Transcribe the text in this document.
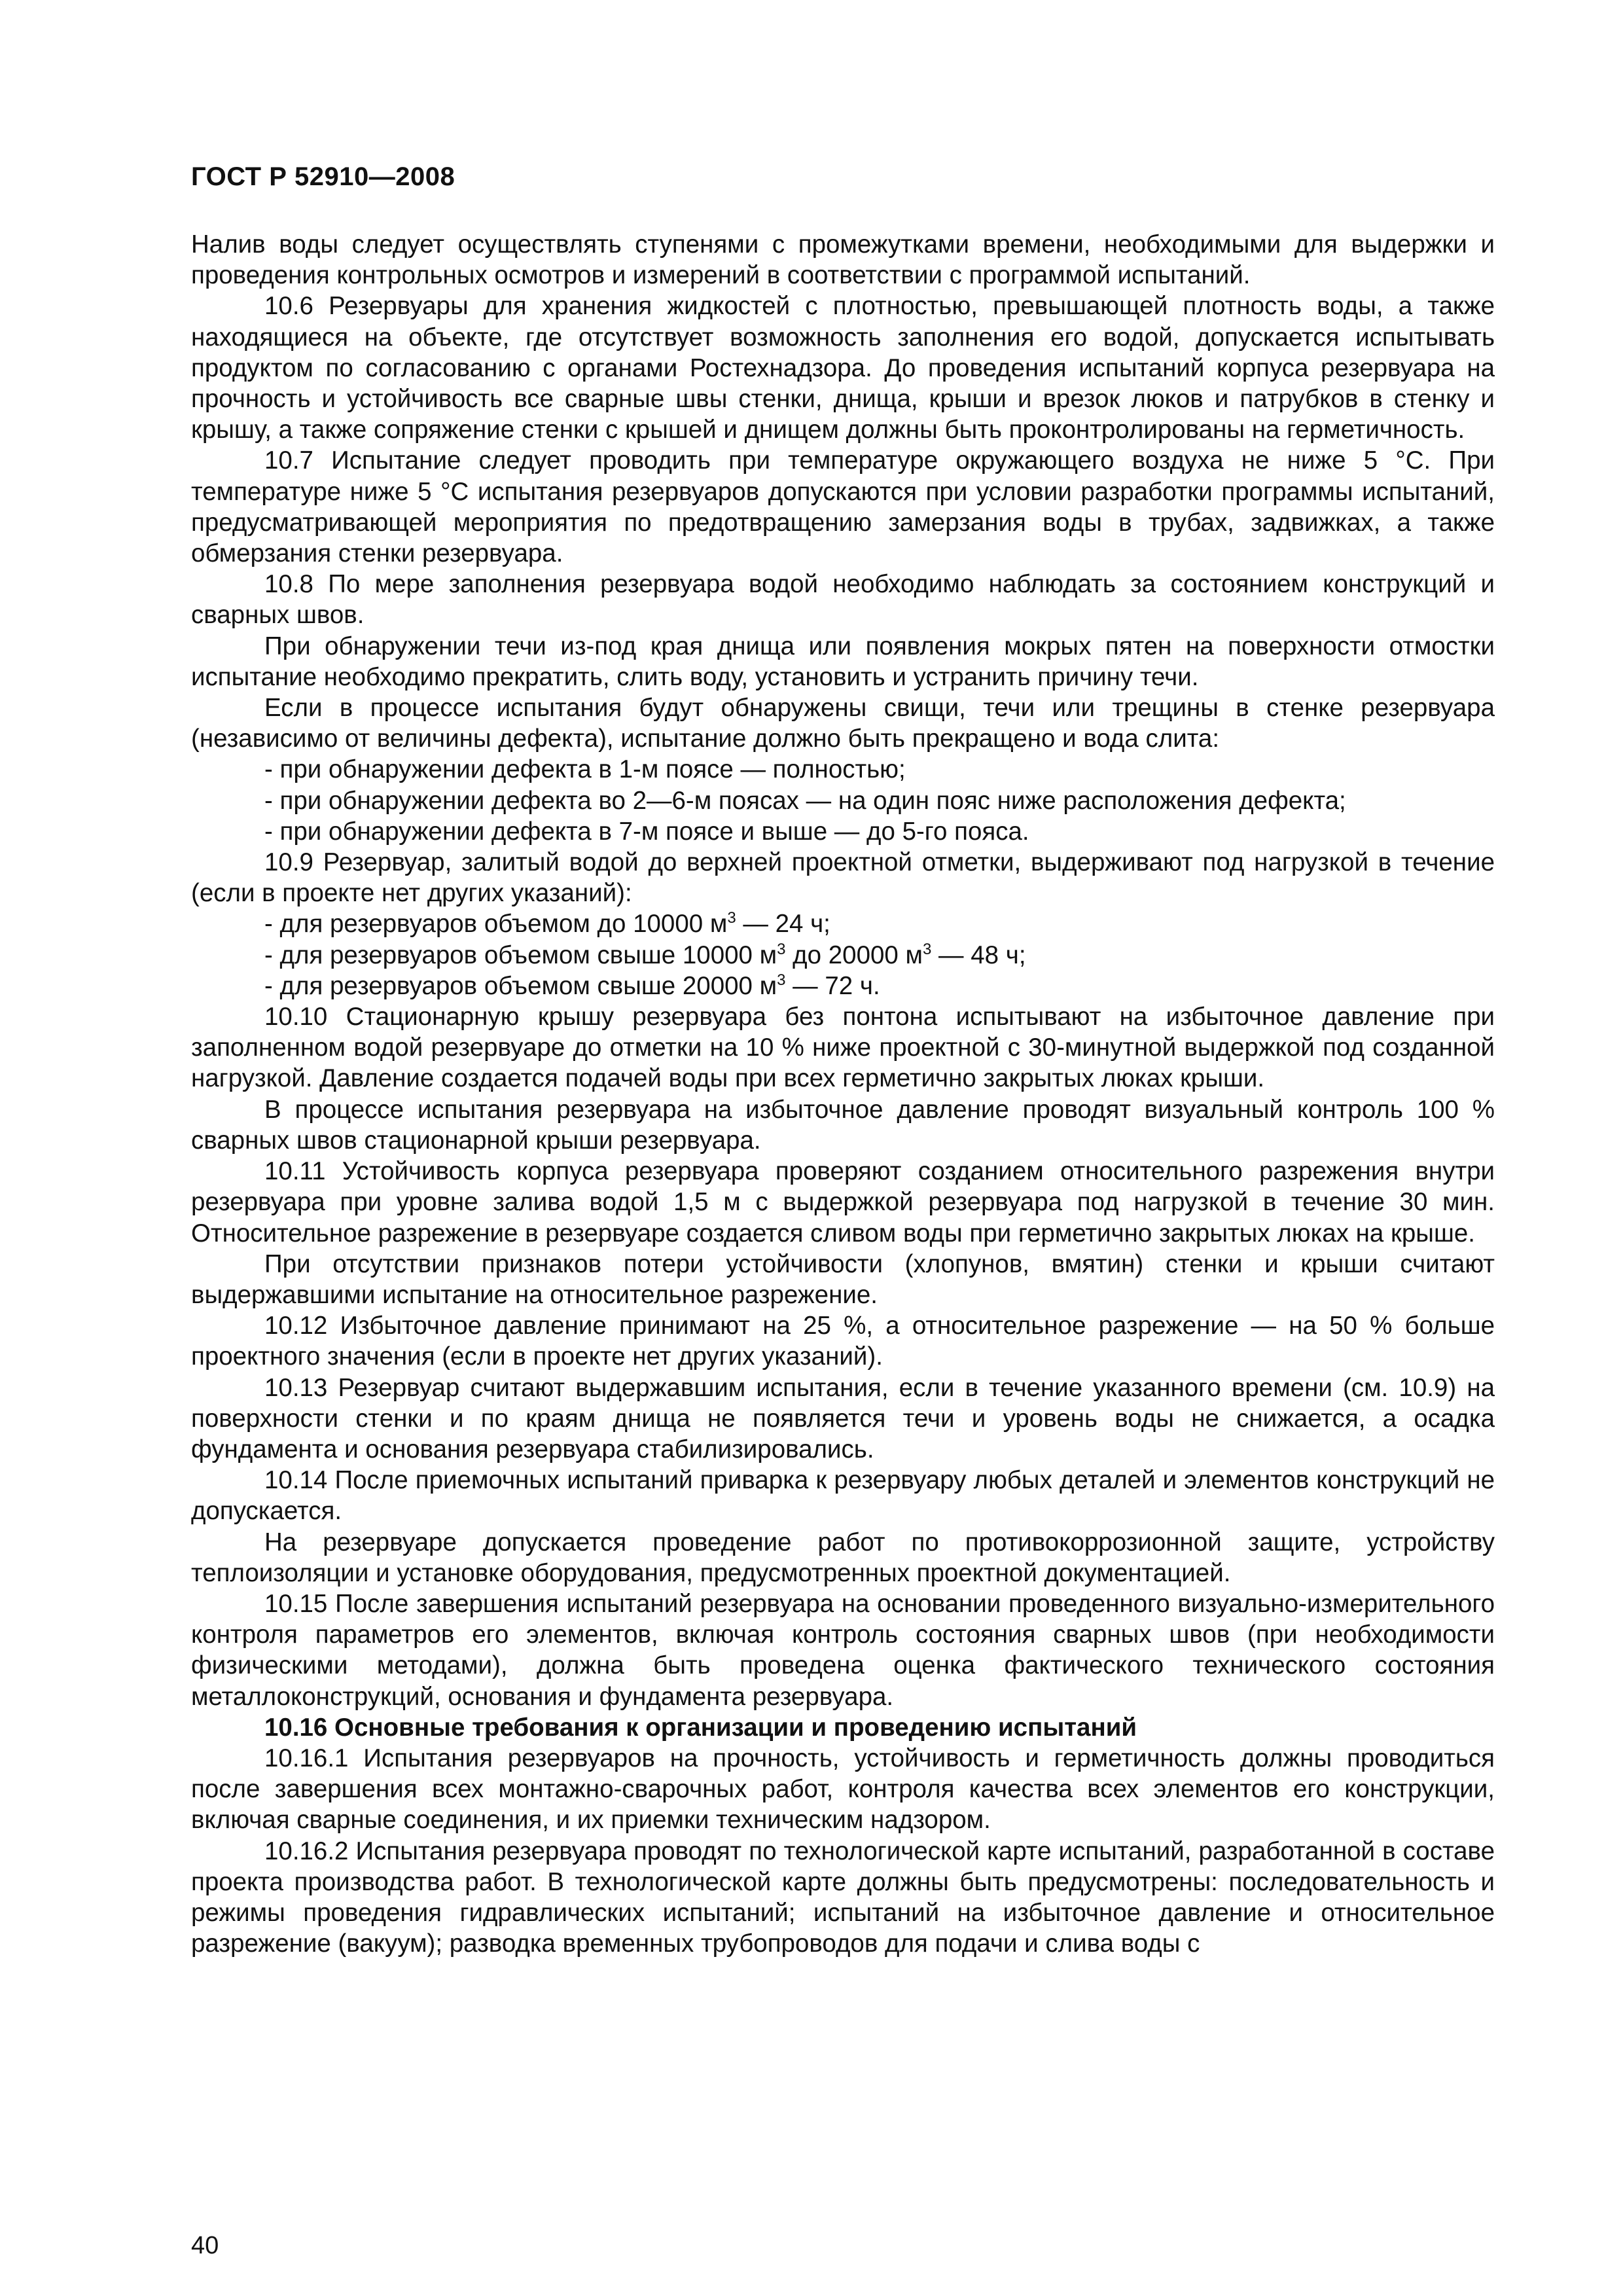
ГОСТ Р 52910—2008

Налив воды следует осуществлять ступенями с промежутками времени, необходимыми для выдержки и проведения контрольных осмотров и измерений в соответствии с программой испытаний.

10.6 Резервуары для хранения жидкостей с плотностью, превышающей плотность воды, а также находящиеся на объекте, где отсутствует возможность заполнения его водой, допускается испытывать продуктом по согласованию с органами Ростехнадзора. До проведения испытаний корпуса резервуара на прочность и устойчивость все сварные швы стенки, днища, крыши и врезок люков и патрубков в стенку и крышу, а также сопряжение стенки с крышей и днищем должны быть проконтролированы на герметичность.

10.7 Испытание следует проводить при температуре окружающего воздуха не ниже 5 °С. При температуре ниже 5 °С испытания резервуаров допускаются при условии разработки программы испытаний, предусматривающей мероприятия по предотвращению замерзания воды в трубах, задвижках, а также обмерзания стенки резервуара.

10.8 По мере заполнения резервуара водой необходимо наблюдать за состоянием конструкций и сварных швов.

При обнаружении течи из-под края днища или появления мокрых пятен на поверхности отмостки испытание необходимо прекратить, слить воду, установить и устранить причину течи.

Если в процессе испытания будут обнаружены свищи, течи или трещины в стенке резервуара (независимо от величины дефекта), испытание должно быть прекращено и вода слита:

- при обнаружении дефекта в 1-м поясе — полностью;

- при обнаружении дефекта во 2—6-м поясах — на один пояс ниже расположения дефекта;

- при обнаружении дефекта в 7-м поясе и выше — до 5-го пояса.

10.9 Резервуар, залитый водой до верхней проектной отметки, выдерживают под нагрузкой в течение (если в проекте нет других указаний):

- для резервуаров объемом до 10000 $м^3$ — 24 ч;

- для резервуаров объемом свыше 10000 $м^3$ до 20000 $м^3$ — 48 ч;

- для резервуаров объемом свыше 20000 $м^3$ — 72 ч.

10.10 Стационарную крышу резервуара без понтона испытывают на избыточное давление при заполненном водой резервуаре до отметки на 10 % ниже проектной с 30-минутной выдержкой под созданной нагрузкой. Давление создается подачей воды при всех герметично закрытых люках крыши.

В процессе испытания резервуара на избыточное давление проводят визуальный контроль 100 % сварных швов стационарной крыши резервуара.

10.11 Устойчивость корпуса резервуара проверяют созданием относительного разрежения внутри резервуара при уровне залива водой 1,5 м с выдержкой резервуара под нагрузкой в течение 30 мин. Относительное разрежение в резервуаре создается сливом воды при герметично закрытых люках на крыше.

При отсутствии признаков потери устойчивости (хлопунов, вмятин) стенки и крыши считают выдержавшими испытание на относительное разрежение.

10.12 Избыточное давление принимают на 25 %, а относительное разрежение — на 50 % больше проектного значения (если в проекте нет других указаний).

10.13 Резервуар считают выдержавшим испытания, если в течение указанного времени (см. 10.9) на поверхности стенки и по краям днища не появляется течи и уровень воды не снижается, а осадка фундамента и основания резервуара стабилизировались.

10.14 После приемочных испытаний приварка к резервуару любых деталей и элементов конструкций не допускается.

На резервуаре допускается проведение работ по противокоррозионной защите, устройству теплоизоляции и установке оборудования, предусмотренных проектной документацией.

10.15 После завершения испытаний резервуара на основании проведенного визуально-измерительного контроля параметров его элементов, включая контроль состояния сварных швов (при необходимости физическими методами), должна быть проведена оценка фактического технического состояния металлоконструкций, основания и фундамента резервуара.

10.16 Основные требования к организации и проведению испытаний

10.16.1 Испытания резервуаров на прочность, устойчивость и герметичность должны проводиться после завершения всех монтажно-сварочных работ, контроля качества всех элементов его конструкции, включая сварные соединения, и их приемки техническим надзором.

10.16.2 Испытания резервуара проводят по технологической карте испытаний, разработанной в составе проекта производства работ. В технологической карте должны быть предусмотрены: последовательность и режимы проведения гидравлических испытаний; испытаний на избыточное давление и относительное разрежение (вакуум); разводка временных трубопроводов для подачи и слива воды с

40
